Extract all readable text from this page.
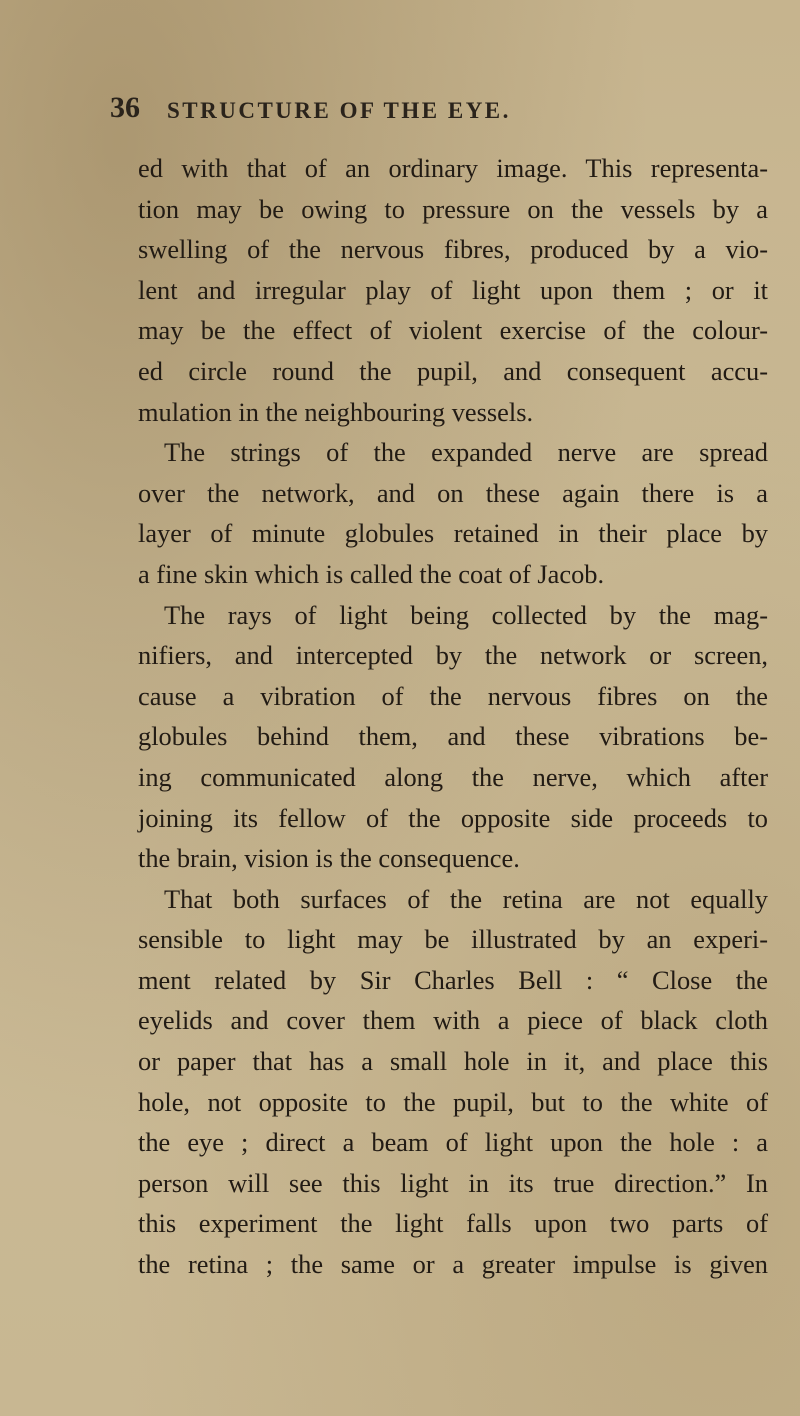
36 STRUCTURE OF THE EYE.
ed with that of an ordinary image. This representa-
tion may be owing to pressure on the vessels by a
swelling of the nervous fibres, produced by a vio-
lent and irregular play of light upon them ; or it
may be the effect of violent exercise of the colour-
ed circle round the pupil, and consequent accu-
mulation in the neighbouring vessels.
The strings of the expanded nerve are spread
over the network, and on these again there is a
layer of minute globules retained in their place by
a fine skin which is called the coat of Jacob.
The rays of light being collected by the mag-
nifiers, and intercepted by the network or screen,
cause a vibration of the nervous fibres on the
globules behind them, and these vibrations be-
ing communicated along the nerve, which after
joining its fellow of the opposite side proceeds to
the brain, vision is the consequence.
That both surfaces of the retina are not equally
sensible to light may be illustrated by an experi-
ment related by Sir Charles Bell : “ Close the
eyelids and cover them with a piece of black cloth
or paper that has a small hole in it, and place this
hole, not opposite to the pupil, but to the white of
the eye ; direct a beam of light upon the hole : a
person will see this light in its true direction.” In
this experiment the light falls upon two parts of
the retina ; the same or a greater impulse is given
